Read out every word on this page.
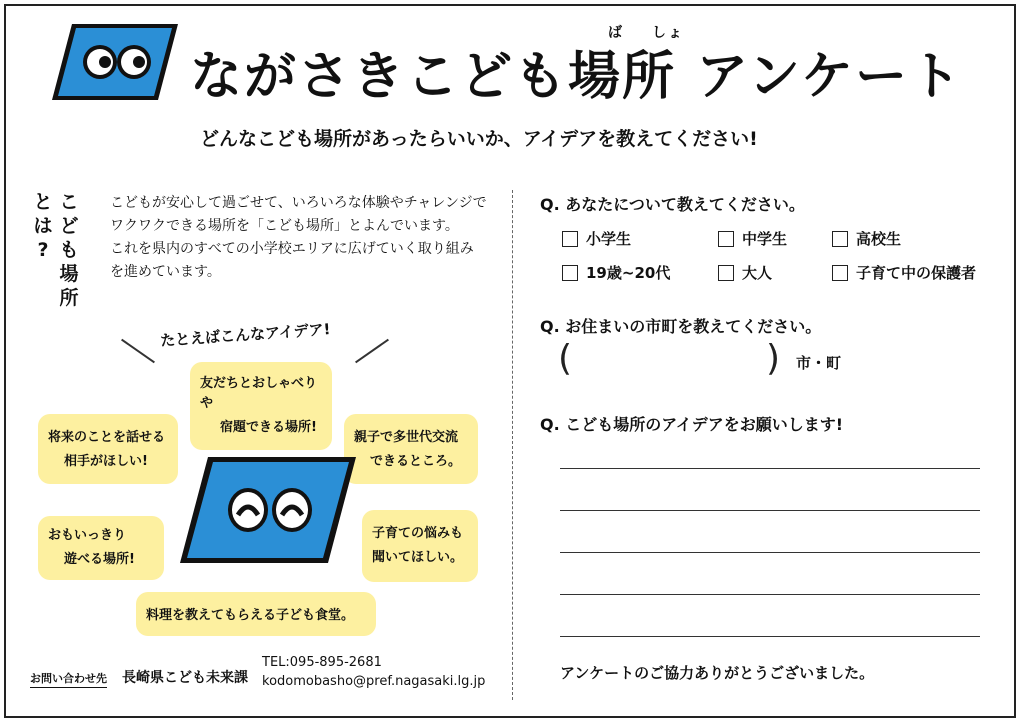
ながさきこども場所 アンケート
ば しょ
どんなこども場所があったらいいか、アイデアを教えてください!
こ
ど
も
場
所
と
は
?
こどもが安心して過ごせて、いろいろな体験やチャレンジで
ワクワクできる場所を「こども場所」とよんでいます。
これを県内のすべての小学校エリアに広げていく取り組み
を進めています。
たとえばこんなアイデア!
友だちとおしゃべりや
宿題できる場所!
将来のことを話せる
相手がほしい!
親子で多世代交流
できるところ。
おもいっきり
遊べる場所!
子育ての悩みも
聞いてほしい。
料理を教えてもらえる子ども食堂。
お問い合わせ先 長崎県こども未来課
TEL:095-895-2681
kodomobasho@pref.nagasaki.lg.jp
Q. あなたについて教えてください。
小学生	中学生	高校生
19歳~20代	大人	子育て中の保護者
Q. お住まいの市町を教えてください。
(	) 市・町
Q. こども場所のアイデアをお願いします!
アンケートのご協力ありがとうございました。
